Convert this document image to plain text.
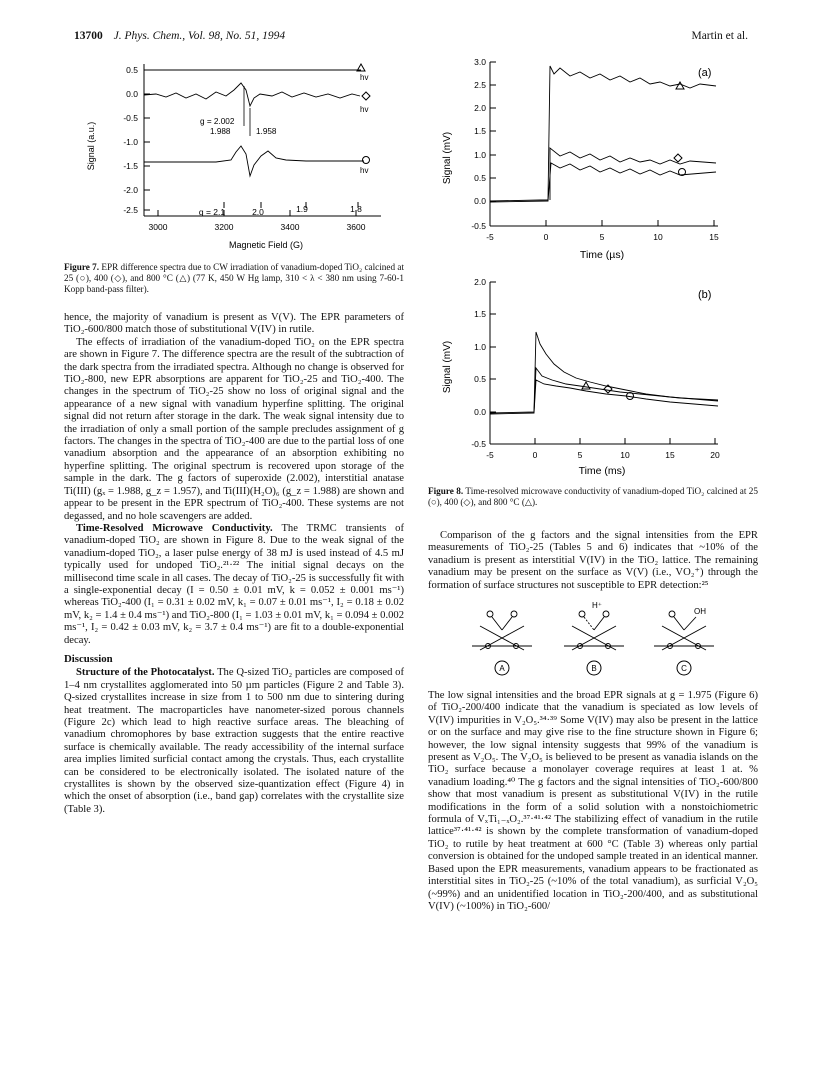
13700 J. Phys. Chem., Vol. 98, No. 51, 1994	Martin et al.
0.5
0.0
-0.5
-1.0
-1.5
-2.0
-2.5
Signal (a.u.)
3000	3200	3400	3600
g = 2.1	2.0	1.9	1.8
Magnetic Field (G)
hv
hv
hv
g = 2.002
1.988	1.958
Figure 7. EPR difference spectra due to CW irradiation of vanadium-doped TiO₂ calcined at 25 (○), 400 (◇), and 800 °C (△) (77 K, 450 W Hg lamp, 310 < λ < 380 nm using 7-60-1 Kopp band-pass filter).

hence, the majority of vanadium is present as V(V). The EPR parameters of TiO₂-600/800 match those of substitutional V(IV) in rutile.

The effects of irradiation of the vanadium-doped TiO₂ on the EPR spectra are shown in Figure 7. The difference spectra are the result of the subtraction of the dark spectra from the irradiated spectra. Although no change is observed for TiO₂-800, new EPR absorptions are apparent for TiO₂-25 and TiO₂-400. The changes in the spectrum of TiO₂-25 show no loss of original signal and the appearance of a new signal with vanadium hyperfine splitting. The original signal did not return after storage in the dark. The weak signal intensity due to the irradiation of only a small portion of the sample precludes assignment of g factors. The changes in the spectra of TiO₂-400 are due to the partial loss of one vanadium absorption and the appearance of an absorption exhibiting no hyperfine splitting. The original spectrum is recovered upon storage of the sample in the dark. The g factors of superoxide (2.002), interstitial anatase Ti(III) (gₓ = 1.988, g_z = 1.957), and Ti(III)(H₂O)₆ (g_z = 1.988) are shown and appear to be present in the EPR spectrum of TiO₂-400. These systems are not degassed, and no hole scavengers are added.

Time-Resolved Microwave Conductivity. The TRMC transients of vanadium-doped TiO₂ are shown in Figure 8. Due to the weak signal of the vanadium-doped TiO₂, a laser pulse energy of 38 mJ is used instead of 4.5 mJ typically used for undoped TiO₂.²¹·²² The initial signal decays on the millisecond time scale in all cases. The decay of TiO₂-25 is successfully fit with a single-exponential decay (I = 0.50 ± 0.01 mV, k = 0.052 ± 0.001 ms⁻¹) whereas TiO₂-400 (I₁ = 0.31 ± 0.02 mV, k₁ = 0.07 ± 0.01 ms⁻¹, I₂ = 0.18 ± 0.02 mV, k₂ = 1.4 ± 0.4 ms⁻¹) and TiO₂-800 (I₁ = 1.03 ± 0.01 mV, k₁ = 0.094 ± 0.002 ms⁻¹, I₂ = 0.42 ± 0.03 mV, k₂ = 3.7 ± 0.4 ms⁻¹) are fit to a double-exponential decay.

Discussion

Structure of the Photocatalyst. The Q-sized TiO₂ particles are composed of 1–4 nm crystallites agglomerated into 50 µm particles (Figure 2 and Table 3). Q-sized crystallites increase in size from 1 to 500 nm due to sintering during heat treatment. The macroparticles have nanometer-sized porous channels (Figure 2c) which lead to high reactive surface areas. The bleaching of vanadium chromophores by base extraction suggests that the entire reactive surface is chemically available. The ready accessibility of the internal surface area implies limited surficial contact among the crystals. Thus, each crystallite can be considered to be electronically isolated. The isolated nature of the crystallites is shown by the observed size-quantization effect (Figure 4) in which the onset of absorption (i.e., band gap) correlates with the crystallite size (Table 3).

3.0
2.5
2.0
1.5
1.0
0.5
0.0
-0.5
Signal (mV)
-5	0	5	10	15
Time (µs)
(a)
2.0
1.5
1.0
0.5
0.0
-0.5
Signal (mV)
-5	0	5	10	15	20
Time (ms)
(b)
Figure 8. Time-resolved microwave conductivity of vanadium-doped TiO₂ calcined at 25 (○), 400 (◇), and 800 °C (△).

Comparison of the g factors and the signal intensities from the EPR measurements of TiO₂-25 (Tables 5 and 6) indicates that ~10% of the vanadium is present as interstitial V(IV) in the TiO₂ lattice. The remaining vanadium may be present on the surface as V(V) (i.e., VO₂⁺) through the formation of surface structures not susceptible to EPR detection:²⁵

H⁺
OH
A	B	C

The low signal intensities and the broad EPR signals at g = 1.975 (Figure 6) of TiO₂-200/400 indicate that the vanadium is speciated as low levels of V(IV) impurities in V₂O₅.³⁴·³⁹ Some V(IV) may also be present in the lattice or on the surface and may give rise to the fine structure shown in Figure 6; however, the low signal intensity suggests that 99% of the vanadium is present as V₂O₅. The V₂O₅ is believed to be present as vanadia islands on the TiO₂ surface because a monolayer coverage requires at least 1 at. % vanadium loading.⁴⁰ The g factors and the signal intensities of TiO₂-600/800 show that most vanadium is present as substitutional V(IV) in the rutile modifications in the form of a solid solution with a nonstoichiometric formula of VₓTi₁₋ₓO₂.³⁷·⁴¹·⁴² The stabilizing effect of vanadium in the rutile lattice³⁷·⁴¹·⁴² is shown by the complete transformation of vanadium-doped TiO₂ to rutile by heat treatment at 600 °C (Table 3) whereas only partial conversion is obtained for the undoped sample treated in an identical manner. Based upon the EPR measurements, vanadium appears to be fractionated as interstitial sites in TiO₂-25 (~10% of the total vanadium), as surficial V₂O₅ (~99%) and an unidentified location in TiO₂-200/400, and as substitutional V(IV) (~100%) in TiO₂-600/
